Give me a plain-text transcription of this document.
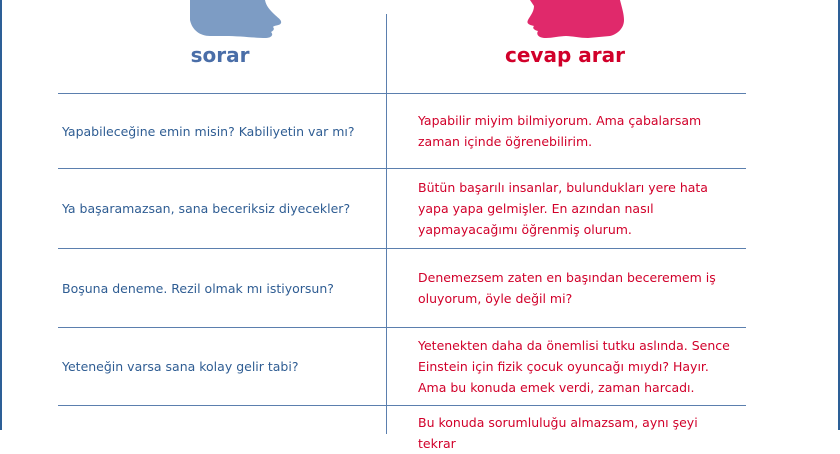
sorar	cevap arar
Yapabileceğine emin misin? Kabiliyetin var mı?
Yapabilir miyim bilmiyorum. Ama çabalarsam
zaman içinde öğrenebilirim.
Ya başaramazsan, sana beceriksiz diyecekler?
Bütün başarılı insanlar, bulundukları yere hata
yapa yapa gelmişler. En azından nasıl
yapmayacağımı öğrenmiş olurum.
Boşuna deneme. Rezil olmak mı istiyorsun?
Denemezsem zaten en başından beceremem iş
oluyorum, öyle değil mi?
Yeteneğin varsa sana kolay gelir tabi?
Yetenekten daha da önemlisi tutku aslında. Sence
Einstein için fizik çocuk oyuncağı mıydı? Hayır.
Ama bu konuda emek verdi, zaman harcadı.
Bu konuda sorumluluğu almazsam, aynı şeyi tekrar
